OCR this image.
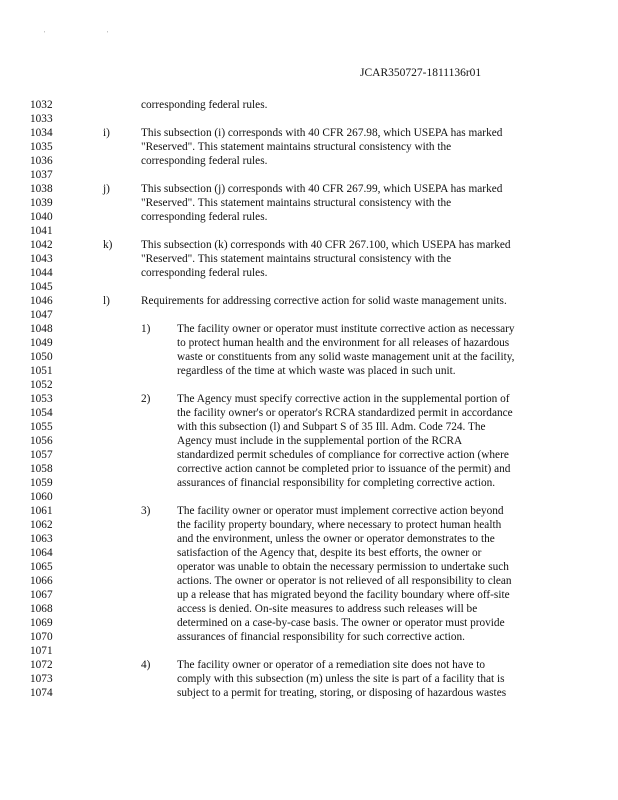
' '
JCAR350727-1811136r01
1032	corresponding federal rules.
1033
1034	i)	This subsection (i) corresponds with 40 CFR 267.98, which USEPA has marked
1035	"Reserved". This statement maintains structural consistency with the
1036	corresponding federal rules.
1037
1038	j)	This subsection (j) corresponds with 40 CFR 267.99, which USEPA has marked
1039	"Reserved". This statement maintains structural consistency with the
1040	corresponding federal rules.
1041
1042	k)	This subsection (k) corresponds with 40 CFR 267.100, which USEPA has marked
1043	"Reserved". This statement maintains structural consistency with the
1044	corresponding federal rules.
1045
1046	l)	Requirements for addressing corrective action for solid waste management units.
1047
1048	1) The facility owner or operator must institute corrective action as necessary
1049	to protect human health and the environment for all releases of hazardous
1050	waste or constituents from any solid waste management unit at the facility,
1051	regardless of the time at which waste was placed in such unit.
1052
1053	2) The Agency must specify corrective action in the supplemental portion of
1054	the facility owner's or operator's RCRA standardized permit in accordance
1055	with this subsection (l) and Subpart S of 35 Ill. Adm. Code 724. The
1056	Agency must include in the supplemental portion of the RCRA
1057	standardized permit schedules of compliance for corrective action (where
1058	corrective action cannot be completed prior to issuance of the permit) and
1059	assurances of financial responsibility for completing corrective action.
1060
1061	3) The facility owner or operator must implement corrective action beyond
1062	the facility property boundary, where necessary to protect human health
1063	and the environment, unless the owner or operator demonstrates to the
1064	satisfaction of the Agency that, despite its best efforts, the owner or
1065	operator was unable to obtain the necessary permission to undertake such
1066	actions. The owner or operator is not relieved of all responsibility to clean
1067	up a release that has migrated beyond the facility boundary where off-site
1068	access is denied. On-site measures to address such releases will be
1069	determined on a case-by-case basis. The owner or operator must provide
1070	assurances of financial responsibility for such corrective action.
1071
1072	4) The facility owner or operator of a remediation site does not have to
1073	comply with this subsection (m) unless the site is part of a facility that is
1074	subject to a permit for treating, storing, or disposing of hazardous wastes
